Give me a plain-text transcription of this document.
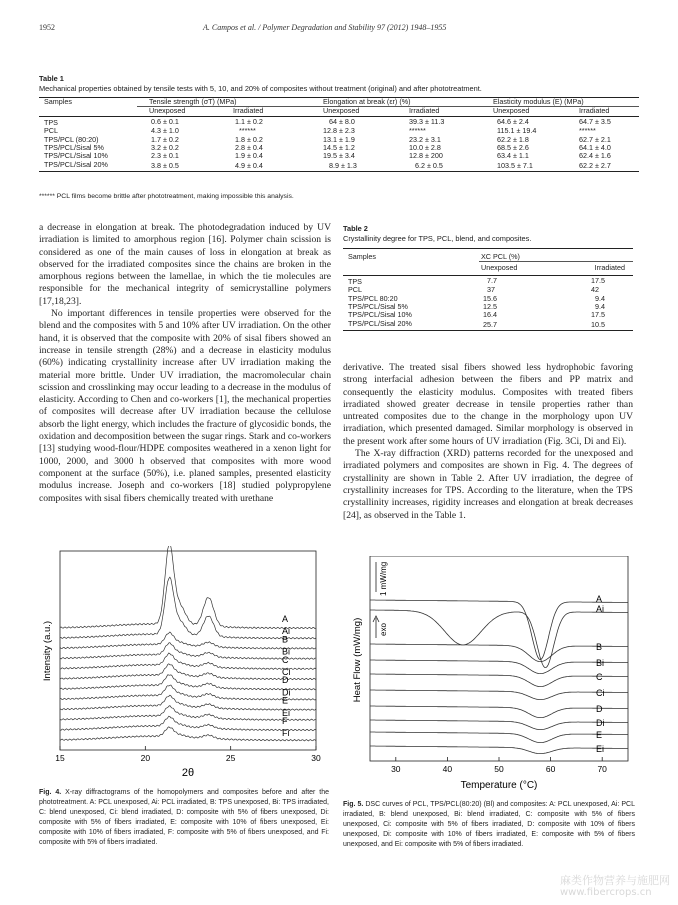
1952	A. Campos et al. / Polymer Degradation and Stability 97 (2012) 1948–1955
Table 1
Mechanical properties obtained by tensile tests with 5, 10, and 20% of composites without treatment (original) and after phototreatment.
Samples	Tensile strength (σT) (MPa)		Elongation at break (εr) (%)		Elasticity modulus (E) (MPa)	
	Unexposed	Irradiated	Unexposed	Irradiated	Unexposed	Irradiated
TPS	0.6 ± 0.1	1.1 ± 0.2	64 ± 8.0	39.3 ± 11.3	64.6 ± 2.4	64.7 ± 3.5
PCL	4.3 ± 1.0	******	12.8 ± 2.3	******	115.1 ± 19.4	******
TPS/PCL (80:20)	1.7 ± 0.2	1.8 ± 0.2	13.1 ± 1.9	23.2 ± 3.1	62.2 ± 1.8	62.7 ± 2.1
TPS/PCL/Sisal 5%	3.2 ± 0.2	2.8 ± 0.4	14.5 ± 1.2	10.0 ± 2.8	68.5 ± 2.6	64.1 ± 4.0
TPS/PCL/Sisal 10%	2.3 ± 0.1	1.9 ± 0.4	19.5 ± 3.4	12.8 ± 200	63.4 ± 1.1	62.4 ± 1.6
TPS/PCL/Sisal 20%	3.8 ± 0.5	4.9 ± 0.4	8.9 ± 1.3	6.2 ± 0.5	103.5 ± 7.1	62.2 ± 2.7
****** PCL films become brittle after phototreatment, making impossible this analysis.

a decrease in elongation at break. The photodegradation induced by UV irradiation is limited to amorphous region [16]. Polymer chain scission is considered as one of the main causes of loss in elongation at break as observed for the irradiated composites since the chains are broken in the amorphous regions between the lamellae, in which the tie molecules are responsible for the mechanical integrity of semicrystalline polymers [17,18,23].

No important differences in tensile properties were observed for the blend and the composites with 5 and 10% after UV irradiation. On the other hand, it is observed that the composite with 20% of sisal fibers showed an increase in tensile strength (28%) and a decrease in elasticity modulus (60%) indicating crystallinity increase after UV irradiation making the material more brittle. Under UV irradiation, the macromolecular chain scission and crosslinking may occur leading to a decrease in the modulus of elasticity. According to Chen and co-workers [1], the mechanical properties of composites will decrease after UV irradiation because the cellulose absorb the light energy, which includes the fracture of glycosidic bonds, the oxidation and decomposition between the sugar rings. Stark and co-workers [13] studying wood-flour/HDPE composites weathered in a xenon light for 1000, 2000, and 3000 h observed that composites with more wood component at the surface (50%), i.e. planed samples, presented elasticity modulus increase. Joseph and co-workers [18] studied polypropylene composites with sisal fibers chemically treated with urethane

Table 2
Crystallinity degree for TPS, PCL, blend, and composites.
Samples	XC PCL (%)	
	Unexposed	Irradiated
TPS	7.7	17.5
PCL	37	42
TPS/PCL 80:20	15.6	9.4
TPS/PCL/Sisal 5%	12.5	9.4
TPS/PCL/Sisal 10%	16.4	17.5
TPS/PCL/Sisal 20%	25.7	10.5

derivative. The treated sisal fibers showed less hydrophobic favoring strong interfacial adhesion between the fibers and PP matrix and consequently the elasticity modulus. Composites with treated fibers irradiated showed greater decrease in tensile properties rather than untreated composites due to the change in the morphology upon UV irradiation, which presented damaged. Similar morphology is observed in the present work after some hours of UV irradiation (Fig. 3Ci, Di and Ei).

The X-ray diffraction (XRD) patterns recorded for the unexposed and irradiated polymers and composites are shown in Fig. 4. The degrees of crystallinity are shown in Table 2. After UV irradiation, the degree of crystallinity increases for TPS. According to the literature, when the TPS crystallinity increases, rigidity increases and elongation at break decreases [24], as observed in the Table 1.

A
Ai
B
Bi
C
Ci
D
Di
E
Ei
F
Fi
15	20	25	30
2θ
Intensity (a.u.)
Fig. 4. X-ray diffractograms of the homopolymers and composites before and after the phototreatment. A: PCL unexposed, Ai: PCL irradiated, B: TPS unexposed, Bi: TPS irradiated, C: blend unexposed, Ci: blend irradiated, D: composite with 5% of fibers unexposed, Di: composite with 5% of fibers irradiated, E: composite with 10% of fibers unexposed, Ei: composite with 10% of fibers irradiated, F: composite with 5% of fibers unexposed, and Fi: composite with 5% of fibers irradiated.
1 mW/mg
exo
A
Ai
B
Bi
C
Ci
D
Di
E
Ei
30	40	50	60	70
Temperature (°C)
Heat Flow (mW/mg)
Fig. 5. DSC curves of PCL, TPS/PCL(80:20) (Bl) and composites: A: PCL unexposed, Ai: PCL irradiated, B: blend unexposed, Bi: blend irradiated, C: composite with 5% of fibers unexposed, Ci: composite with 5% of fibers irradiated, D: composite with 10% of fibers unexposed, Di: composite with 10% of fibers irradiated, E: composite with 5% of fibers unexposed, and Ei: composite with 5% of fibers irradiated.
麻类作物营养与施肥网
www.fibercrops.cn
